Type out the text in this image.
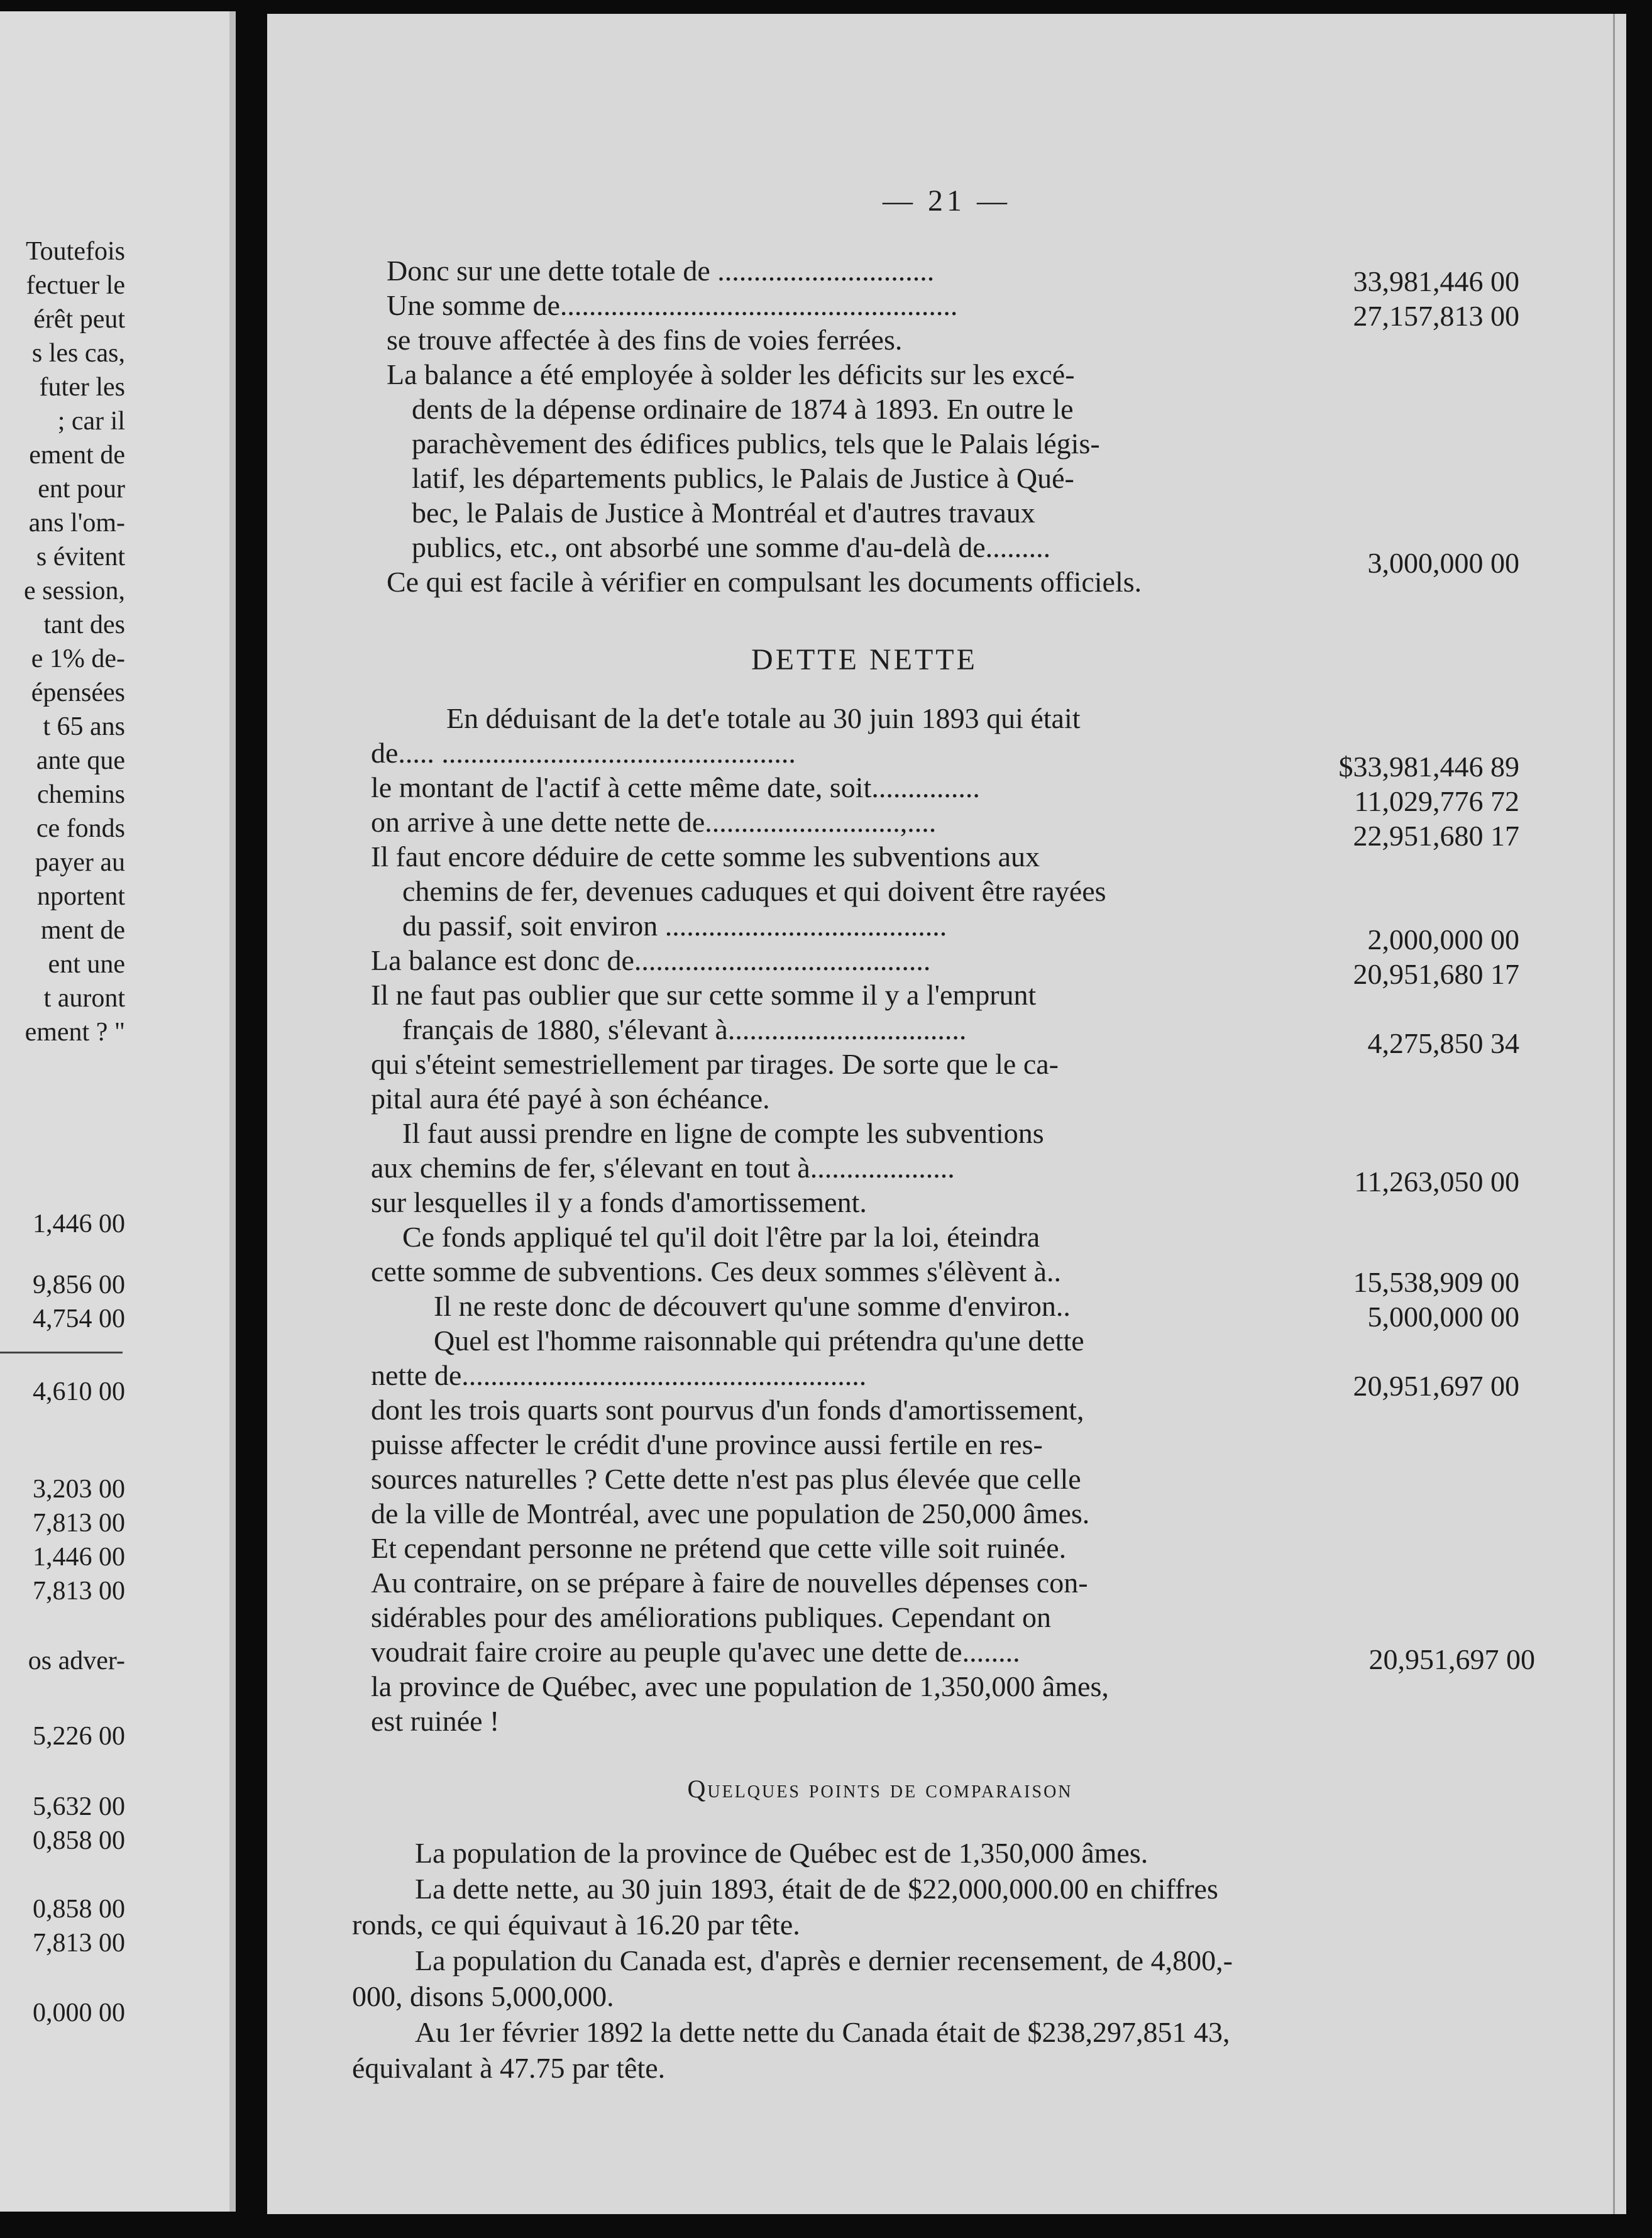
Toutefois

fectuer le

érêt peut

s les cas,

futer les

; car il

ement de

ent pour

ans l'om-

s évitent

e session,

tant des

e 1% de-

épensées

t 65 ans

ante que

chemins

ce fonds

payer au

nportent

ment de

ent une

t auront

ement ? "

1,446 00

9,856 00

4,754 00

4,610 00

3,203 00

7,813 00

1,446 00

7,813 00

os adver-

5,226 00

5,632 00

0,858 00

0,858 00

7,813 00

0,000 00

— 21 —

Donc sur une dette totale de ..............................	33,981,446 00

Une somme de.......................................................	27,157,813 00

se trouve affectée à des fins de voies ferrées.

La balance a été employée à solder les déficits sur les excé-

dents de la dépense ordinaire de 1874 à 1893. En outre le

parachèvement des édifices publics, tels que le Palais légis-

latif, les départements publics, le Palais de Justice à Qué-

bec, le Palais de Justice à Montréal et d'autres travaux

publics, etc., ont absorbé une somme d'au-delà de.........	3,000,000 00

Ce qui est facile à vérifier en compulsant les documents officiels.

DETTE NETTE

En déduisant de la det'e totale au 30 juin 1893 qui était

de..... .................................................	$33,981,446 89

le montant de l'actif à cette même date, soit...............	11,029,776 72

on arrive à une dette nette de...........................,....	22,951,680 17

Il faut encore déduire de cette somme les subventions aux

chemins de fer, devenues caduques et qui doivent être rayées

du passif, soit environ .......................................	2,000,000 00

La balance est donc de.........................................	20,951,680 17

Il ne faut pas oublier que sur cette somme il y a l'emprunt

français de 1880, s'élevant à.................................	4,275,850 34

qui s'éteint semestriellement par tirages. De sorte que le ca-

pital aura été payé à son échéance.

Il faut aussi prendre en ligne de compte les subventions

aux chemins de fer, s'élevant en tout à....................	11,263,050 00

sur lesquelles il y a fonds d'amortissement.

Ce fonds appliqué tel qu'il doit l'être par la loi, éteindra

cette somme de subventions. Ces deux sommes s'élèvent à..	15,538,909 00

Il ne reste donc de découvert qu'une somme d'environ..	5,000,000 00

Quel est l'homme raisonnable qui prétendra qu'une dette

nette de........................................................	20,951,697 00

dont les trois quarts sont pourvus d'un fonds d'amortissement,

puisse affecter le crédit d'une province aussi fertile en res-

sources naturelles ? Cette dette n'est pas plus élevée que celle

de la ville de Montréal, avec une population de 250,000 âmes.

Et cependant personne ne prétend que cette ville soit ruinée.

Au contraire, on se prépare à faire de nouvelles dépenses con-

sidérables pour des améliorations publiques. Cependant on

voudrait faire croire au peuple qu'avec une dette de........	20,951,697 00

la province de Québec, avec une population de 1,350,000 âmes,

est ruinée !

Quelques points de comparaison

La population de la province de Québec est de 1,350,000 âmes.

La dette nette, au 30 juin 1893, était de de $22,000,000.00 en chiffres

ronds, ce qui équivaut à 16.20 par tête.

La population du Canada est, d'après e dernier recensement, de 4,800,-

000, disons 5,000,000.

Au 1er février 1892 la dette nette du Canada était de $238,297,851 43,

équivalant à 47.75 par tête.
